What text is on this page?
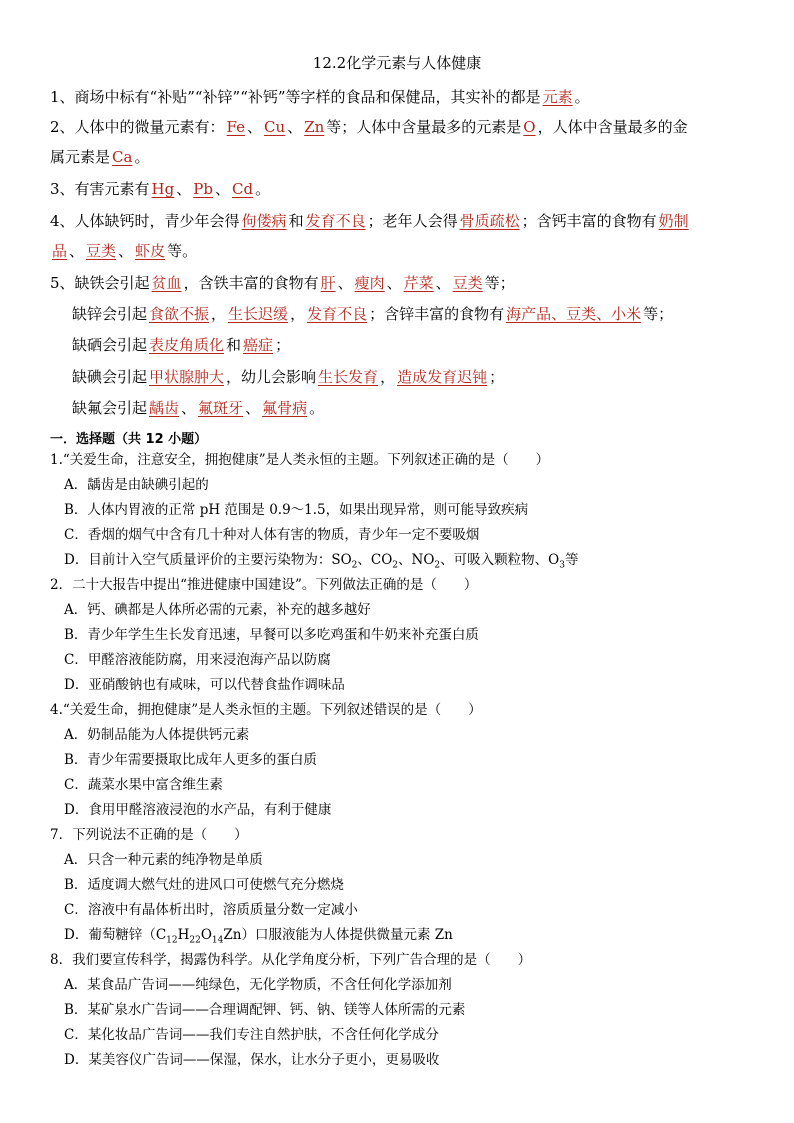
12.2化学元素与人体健康
1、商场中标有“补贴”“补锌”“补钙”等字样的食品和保健品，其实补的都是 元素 。
2、人体中的微量元素有： Fe 、 Cu 、 Zn 等；人体中含量最多的元素是 O ，人体中含量最多的金
属元素是 Ca 。
3、有害元素有 Hg 、 Pb 、 Cd 。
4、人体缺钙时，青少年会得 佝偻病 和 发育不良 ；老年人会得 骨质疏松 ；含钙丰富的食物有 奶制
品 、 豆类 、 虾皮 等。
5、缺铁会引起 贫血 ，含铁丰富的食物有 肝 、 瘦肉 、 芹菜 、 豆类 等；
缺锌会引起 食欲不振 ， 生长迟缓 ， 发育不良 ；含锌丰富的食物有 海产品、豆类、小米 等；
缺硒会引起 表皮角质化 和 癌症 ；
缺碘会引起 甲状腺肿大 ，幼儿会影响 生长发育 ， 造成发育迟钝 ；
缺氟会引起 龋齿 、 氟斑牙 、 氟骨病 。
一．选择题（共 12 小题）
1.“关爱生命，注意安全，拥抱健康”是人类永恒的主题。下列叙述正确的是（　　）
A．龋齿是由缺碘引起的
B．人体内胃液的正常 pH 范围是 0.9～1.5，如果出现异常，则可能导致疾病
C．香烟的烟气中含有几十种对人体有害的物质，青少年一定不要吸烟
D．目前计入空气质量评价的主要污染物为：$SO_2$、$CO_2$、$NO_2$、可吸入颗粒物、$O_3$等
2．二十大报告中提出“推进健康中国建设”。下列做法正确的是（　　）
A．钙、碘都是人体所必需的元素，补充的越多越好
B．青少年学生生长发育迅速，早餐可以多吃鸡蛋和牛奶来补充蛋白质
C．甲醛溶液能防腐，用来浸泡海产品以防腐
D．亚硝酸钠也有咸味，可以代替食盐作调味品
4.“关爱生命，拥抱健康”是人类永恒的主题。下列叙述错误的是（　　）
A．奶制品能为人体提供钙元素
B．青少年需要摄取比成年人更多的蛋白质
C．蔬菜水果中富含维生素
D．食用甲醛溶液浸泡的水产品，有利于健康
7．下列说法不正确的是（　　）
A．只含一种元素的纯净物是单质
B．适度调大燃气灶的进风口可使燃气充分燃烧
C．溶液中有晶体析出时，溶质质量分数一定减小
D．葡萄糖锌$(C_{12}H_{22}O_{14}Zn)$口服液能为人体提供微量元素 Zn
8．我们要宣传科学，揭露伪科学。从化学角度分析，下列广告合理的是（　　）
A．某食品广告词——纯绿色，无化学物质，不含任何化学添加剂
B．某矿泉水广告词——合理调配钾、钙、钠、镁等人体所需的元素
C．某化妆品广告词——我们专注自然护肤，不含任何化学成分
D．某美容仪广告词——保湿，保水，让水分子更小，更易吸收
